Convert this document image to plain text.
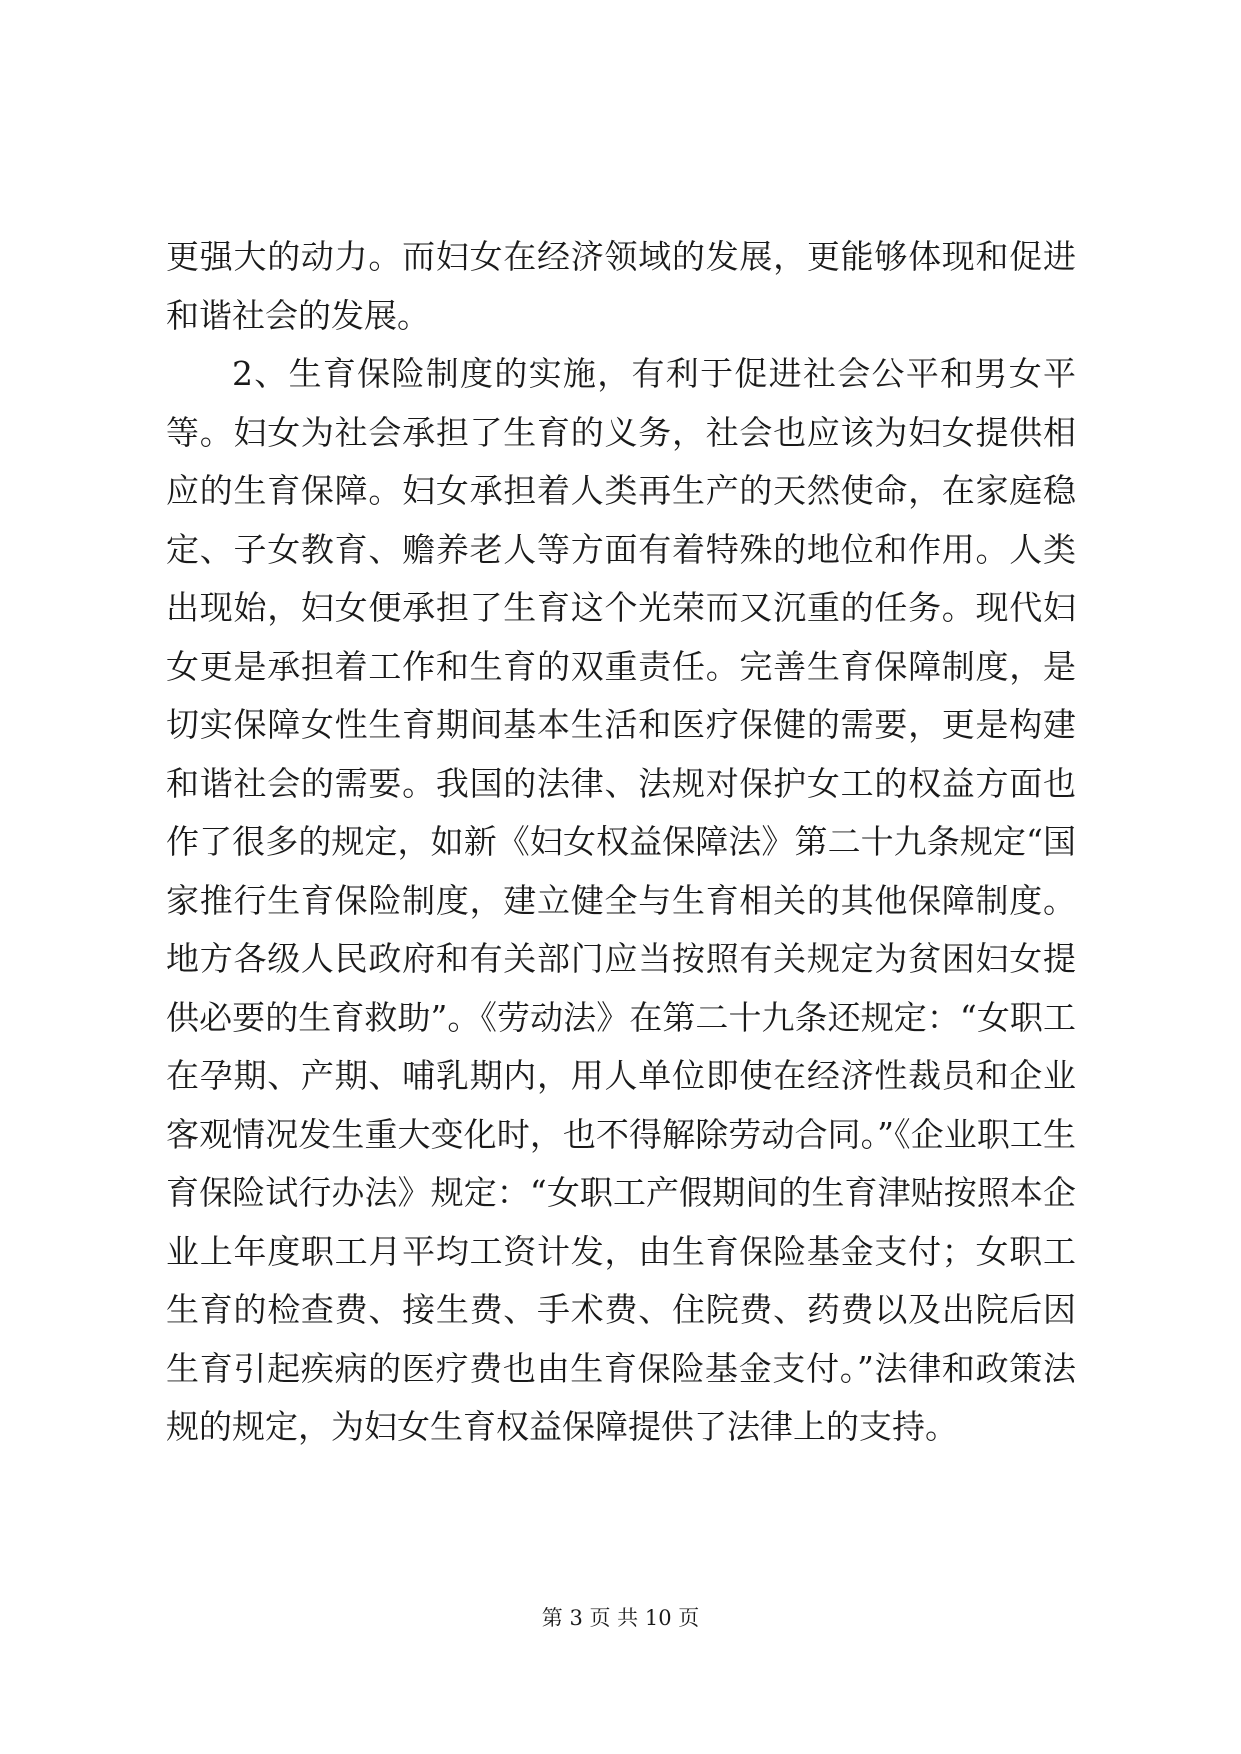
更强大的动力。而妇女在经济领域的发展，更能够体现和促进和谐社会的发展。

2、生育保险制度的实施，有利于促进社会公平和男女平等。妇女为社会承担了生育的义务，社会也应该为妇女提供相应的生育保障。妇女承担着人类再生产的天然使命，在家庭稳定、子女教育、赡养老人等方面有着特殊的地位和作用。人类出现始，妇女便承担了生育这个光荣而又沉重的任务。现代妇女更是承担着工作和生育的双重责任。完善生育保障制度，是切实保障女性生育期间基本生活和医疗保健的需要，更是构建和谐社会的需要。我国的法律、法规对保护女工的权益方面也作了很多的规定，如新《妇女权益保障法》第二十九条规定“国家推行生育保险制度，建立健全与生育相关的其他保障制度。地方各级人民政府和有关部门应当按照有关规定为贫困妇女提供必要的生育救助”。《劳动法》在第二十九条还规定：“女职工在孕期、产期、哺乳期内，用人单位即使在经济性裁员和企业客观情况发生重大变化时，也不得解除劳动合同。”《企业职工生育保险试行办法》规定：“女职工产假期间的生育津贴按照本企业上年度职工月平均工资计发，由生育保险基金支付；女职工生育的检查费、接生费、手术费、住院费、药费以及出院后因生育引起疾病的医疗费也由生育保险基金支付。”法律和政策法规的规定，为妇女生育权益保障提供了法律上的支持。

第 3 页 共 10 页
